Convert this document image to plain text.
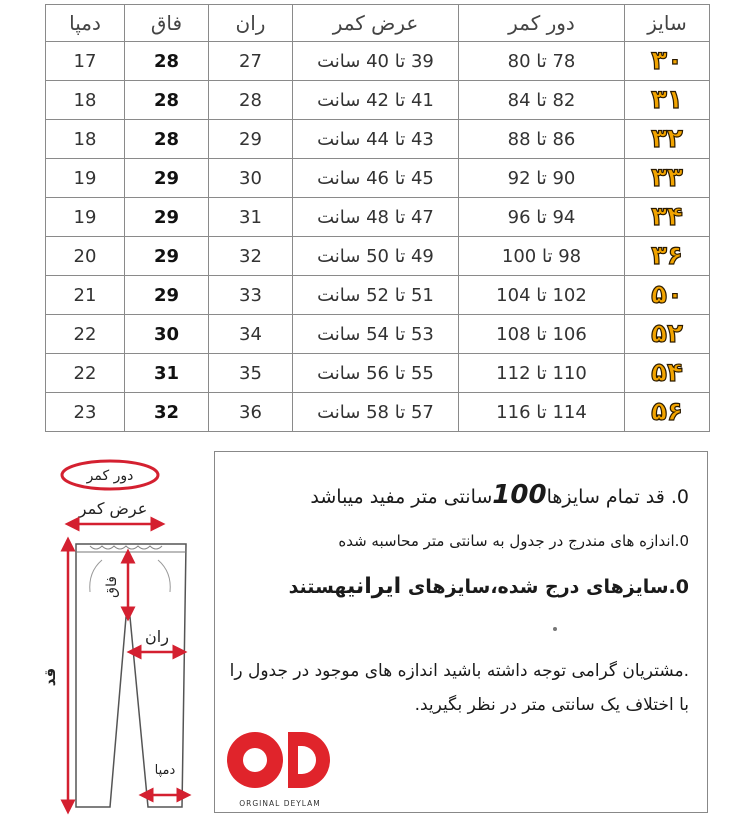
دمپا	فاق	ران	عرض کمر	دور کمر	سایز
17	28	27	39 تا 40 سانت	78 تا 80	۳۰
18	28	28	41 تا 42 سانت	82 تا 84	۳۱
18	28	29	43 تا 44 سانت	86 تا 88	۳۲
19	29	30	45 تا 46 سانت	90 تا 92	۳۳
19	29	31	47 تا 48 سانت	94 تا 96	۳۴
20	29	32	49 تا 50 سانت	98 تا 100	۳۶
21	29	33	51 تا 52 سانت	102 تا 104	۵۰
22	30	34	53 تا 54 سانت	106 تا 108	۵۲
22	31	35	55 تا 56 سانت	110 تا 112	۵۴
23	32	36	57 تا 58 سانت	114 تا 116	۵۶
دور کمر
عرض کمر
فاق
ران
قد
دمپا
0. قد تمام سایزها100سانتی متر مفید میباشد
0.اندازه های مندرج در جدول به سانتی متر محاسبه شده
0.سایزهای درج شده،سایزهای ایرانیهستند
.مشتریان گرامی توجه داشته باشید اندازه های موجود در جدول را با اختلاف یک سانتی متر در نظر بگیرید.
ORGINAL DEYLAM
